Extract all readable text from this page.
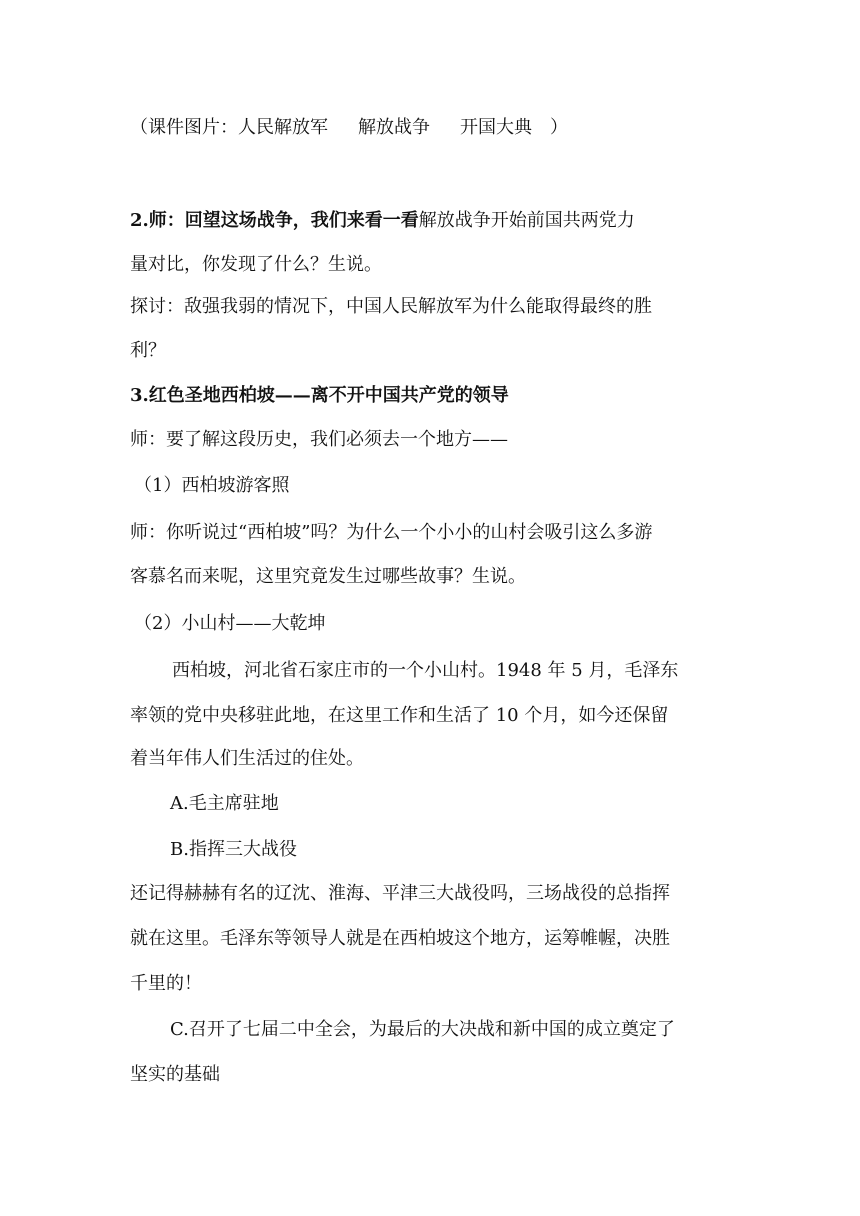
（课件图片：人民解放军 解放战争 开国大典 ）
2.师：回望这场战争，我们来看一看解放战争开始前国共两党力
量对比，你发现了什么？生说。
探讨：敌强我弱的情况下，中国人民解放军为什么能取得最终的胜
利？
3.红色圣地西柏坡——离不开中国共产党的领导
师：要了解这段历史，我们必须去一个地方——
（1）西柏坡游客照
师：你听说过“西柏坡”吗？为什么一个小小的山村会吸引这么多游
客慕名而来呢，这里究竟发生过哪些故事？生说。
（2）小山村——大乾坤
西柏坡，河北省石家庄市的一个小山村。1948 年 5 月，毛泽东
率领的党中央移驻此地，在这里工作和生活了 10 个月，如今还保留
着当年伟人们生活过的住处。
A.毛主席驻地
B.指挥三大战役
还记得赫赫有名的辽沈、淮海、平津三大战役吗，三场战役的总指挥
就在这里。毛泽东等领导人就是在西柏坡这个地方，运筹帷幄，决胜
千里的！
C.召开了七届二中全会，为最后的大决战和新中国的成立奠定了
坚实的基础
